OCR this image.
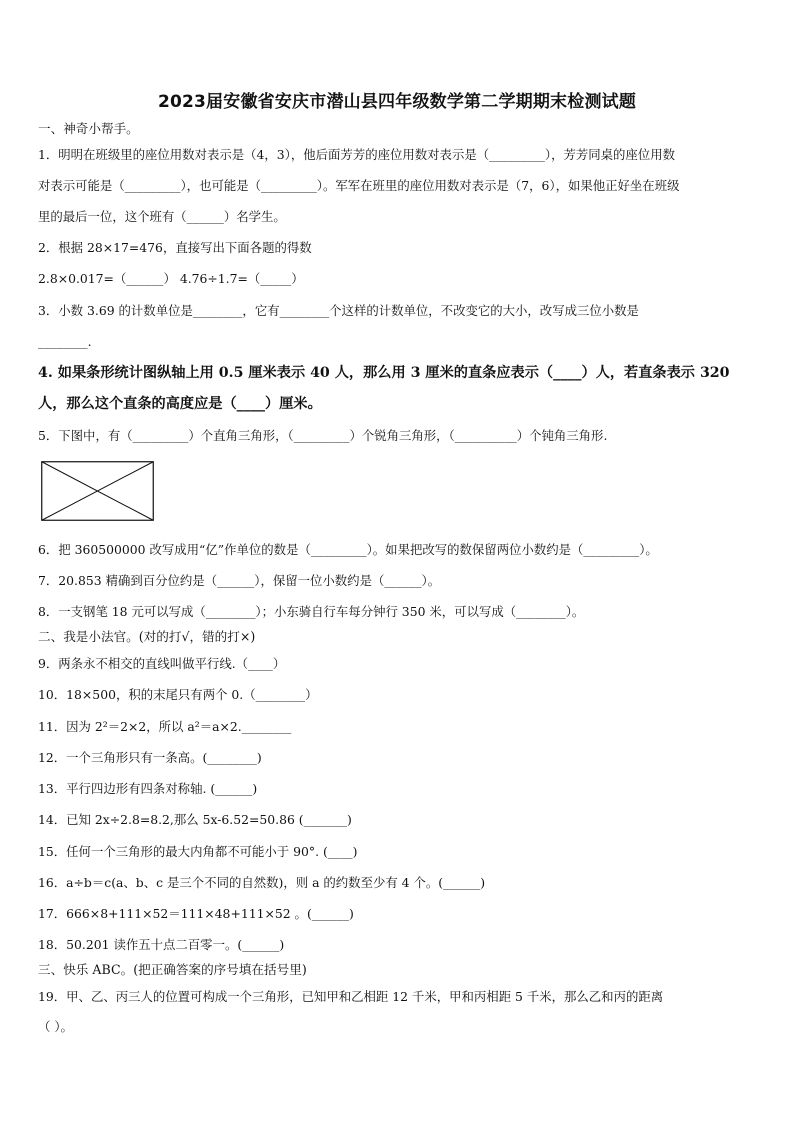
2023届安徽省安庆市潜山县四年级数学第二学期期末检测试题
一、神奇小帮手。
1．明明在班级里的座位用数对表示是（4，3），他后面芳芳的座位用数对表示是（_________），芳芳同桌的座位用数
对表示可能是（_________），也可能是（_________）。军军在班里的座位用数对表示是（7，6），如果他正好坐在班级
里的最后一位，这个班有（______）名学生。
2．根据 28×17=476，直接写出下面各题的得数
2.8×0.017=（______） 4.76÷1.7=（_____）
3．小数 3.69 的计数单位是________，它有________个这样的计数单位，不改变它的大小，改写成三位小数是
________.
4. 如果条形统计图纵轴上用 0.5 厘米表示 40 人，那么用 3 厘米的直条应表示（____）人，若直条表示 320
人，那么这个直条的高度应是（____）厘米。
5．下图中，有（_________）个直角三角形，（_________）个锐角三角形，（__________）个钝角三角形.
6．把 360500000 改写成用“亿”作单位的数是（_________）。如果把改写的数保留两位小数约是（_________）。
7．20.853 精确到百分位约是（______），保留一位小数约是（______）。
8．一支钢笔 18 元可以写成（________）；小东骑自行车每分钟行 350 米，可以写成（________）。
二、我是小法官。(对的打√，错的打×)
9．两条永不相交的直线叫做平行线.（____）
10．18×500，积的末尾只有两个 0.（________）
11．因为 2²＝2×2，所以 a²＝a×2.________
12．一个三角形只有一条高。(________)
13．平行四边形有四条对称轴. (______)
14．已知 2x÷2.8=8.2,那么 5x-6.52=50.86 (_______)
15．任何一个三角形的最大内角都不可能小于 90°. (____)
16．a÷b＝c(a、b、c 是三个不同的自然数)，则 a 的约数至少有 4 个。(______)
17．666×8+111×52＝111×48+111×52 。(______)
18．50.201 读作五十点二百零一。(______)
三、快乐 ABC。(把正确答案的序号填在括号里)
19．甲、乙、丙三人的位置可构成一个三角形，已知甲和乙相距 12 千米，甲和丙相距 5 千米，那么乙和丙的距离
（ ）。
